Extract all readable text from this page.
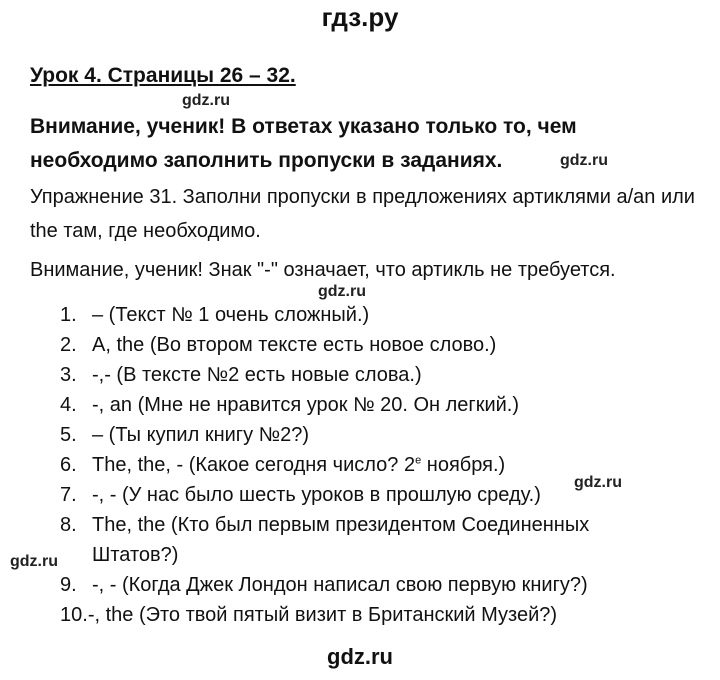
гдз.ру
Урок 4. Страницы 26 – 32.
Внимание, ученик! В ответах указано только то, чем необходимо заполнить пропуски в заданиях.
Упражнение 31. Заполни пропуски в предложениях артиклями a/an или the там, где необходимо.
Внимание, ученик! Знак "-" означает, что артикль не требуется.
1. – (Текст № 1 очень сложный.)
2. A, the (Во втором тексте есть новое слово.)
3. -,- (В тексте №2 есть новые слова.)
4. -, an (Мне не нравится урок № 20. Он легкий.)
5. – (Ты купил книгу №2?)
6. The, the, - (Какое сегодня число? $2^е$ ноября.)
7. -, - (У нас было шесть уроков в прошлую среду.)
8. The, the (Кто был первым президентом Соединенных Штатов?)
9. -, - (Когда Джек Лондон написал свою первую книгу?)
10. -, the (Это твой пятый визит в Британский Музей?)
gdz.ru
gdz.ru
gdz.ru
gdz.ru
gdz.ru
gdz.ru
